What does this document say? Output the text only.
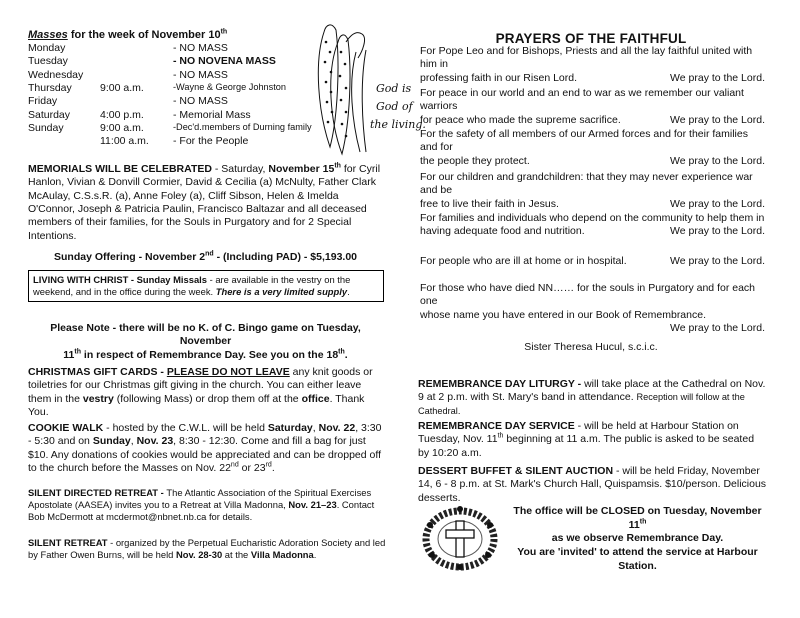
Masses for the week of November 10th
Monday		- NO MASS
Tuesday		- NO NOVENA MASS
Wednesday		- NO MASS
Thursday	9:00 a.m.	-Wayne & George Johnston
Friday		- NO MASS
Saturday	4:00 p.m.	- Memorial Mass
Sunday	9:00 a.m.	-Dec'd.members of Durning family
	11:00 a.m.	- For the People
God is
God of
the living.
MEMORIALS WILL BE CELEBRATED - Saturday, November 15th for Cyril Hanlon, Vivian & Donvill Cormier, David & Cecilia (a) McNulty, Father Clark McAulay, C.S.s.R. (a), Anne Foley (a), Cliff Sibson, Helen & Imelda O'Connor, Joseph & Patricia Paulin, Francisco Baltazar and all deceased members of their families, for the Souls in Purgatory and for 2 Special Intentions.
Sunday Offering - November 2nd - (Including PAD) - $5,193.00
LIVING WITH CHRIST - Sunday Missals - are available in the vestry on the weekend, and in the office during the week. There is a very limited supply.
Please Note - there will be no K. of C. Bingo game on Tuesday, November
11th in respect of Remembrance Day. See you on the 18th.
CHRISTMAS GIFT CARDS - PLEASE DO NOT LEAVE any knit goods or toiletries for our Christmas gift giving in the church. You can either leave them in the vestry (following Mass) or drop them off at the office. Thank You.
COOKIE WALK - hosted by the C.W.L. will be held Saturday, Nov. 22, 3:30 - 5:30 and on Sunday, Nov. 23, 8:30 - 12:30. Come and fill a bag for just $10. Any donations of cookies would be appreciated and can be dropped off to the church before the Masses on Nov. 22nd or 23rd.
SILENT DIRECTED RETREAT - The Atlantic Association of the Spiritual Exercises Apostolate (AASEA) invites you to a Retreat at Villa Madonna, Nov. 21–23. Contact Bob McDermott at mcdermot@nbnet.nb.ca for details.
SILENT RETREAT - organized by the Perpetual Eucharistic Adoration Society and led by Father Owen Burns, will be held Nov. 28-30 at the Villa Madonna.
PRAYERS OF THE FAITHFUL
For Pope Leo and for Bishops, Priests and all the lay faithful united with him in
professing faith in our Risen Lord.	We pray to the Lord.
For peace in our world and an end to war as we remember our valiant warriors
for peace who made the supreme sacrifice.	We pray to the Lord.
For the safety of all members of our Armed forces and for their families and for
the people they protect.	We pray to the Lord.
For our children and grandchildren: that they may never experience war and be
free to live their faith in Jesus.	We pray to the Lord.
For families and individuals who depend on the community to help them in
having adequate food and nutrition.	We pray to the Lord.
For people who are ill at home or in hospital.	We pray to the Lord.
For those who have died NN…… for the souls in Purgatory and for each one
whose name you have entered in our Book of Remembrance.
We pray to the Lord.
Sister Theresa Hucul, s.c.i.c.
REMEMBRANCE DAY LITURGY - will take place at the Cathedral on Nov. 9 at 2 p.m. with St. Mary's band in attendance. Reception will follow at the Cathedral.
REMEMBRANCE DAY SERVICE - will be held at Harbour Station on Tuesday, Nov. 11th beginning at 11 a.m. The public is asked to be seated by 10:20 a.m.
DESSERT BUFFET & SILENT AUCTION - will be held Friday, November 14, 6 - 8 p.m. at St. Mark's Church Hall, Quispamsis. $10/person. Delicious desserts.
The office will be CLOSED on Tuesday, November 11th
as we observe Remembrance Day.
You are 'invited' to attend the service at Harbour
Station.
